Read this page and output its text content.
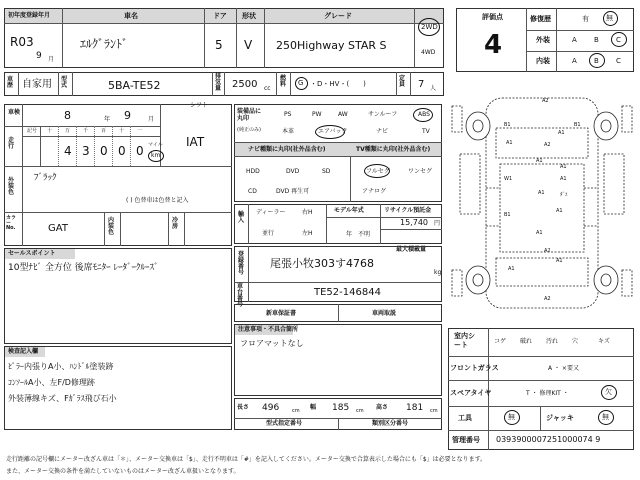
初年度登録年月
R03
9 月
車名
ｴﾙｸﾞﾗﾝﾄﾞ
ドア
5
形状
V
グレード
250Highway STAR S
2WD
4WD
車歴 自家用 型式	5BA-TE52
排気量 2500 cc
燃料 G ・D・HV・(　　)
定員 7 人
車検	8	年 9	月
シフト
IAT
走行
記号 十	万	千	百	十	一
4 3 0 0 0 マイル
km
外装色
ﾌﾞﾗｯｸ
( ) 色替車は色替と記入
カラーNo.	GAT
内装色
冷房
装備品に丸印
(純正のみ)
PS	PW	AW	サンルーフ	ABS
本革	エアバック	ナビ	TV
ナビ種類に丸印(社外品含む)	TV種類に丸印(社外品含む)
HDD	DVD	SD
CD	DVD 再生可
フルセグ	ワンセグ
アナログ
輸入
ディーラー
並行
右H
左H
モデル年式
年　不明
リサイクル預託金
15,740 円
最大積載量
登録番号
尾張小牧303す4768
kg
車台番号
TE52-146844
セールスポイント
10型ﾅﾋﾞ 全方位 後席ﾓﾆﾀｰ ﾚｰﾀﾞｰｸﾙｰｽﾞ
新車保証書	車両取説
注意事項・不具合箇所
フロアマットなし
検査記入欄
ﾋﾟﾗｰ内張りA小、ﾊﾝﾄﾞﾙ塗装跡
ｺﾝｿｰﾙA小、左F/D修理跡
外装薄線キズ、Fｶﾞﾗｽ飛び石小
長さ 496	cm 幅 185 cm 高さ 181 cm
型式指定番号	類別区分番号
評価点
4
修復歴	有 無
外装	A B C
内装	A B C
A2
B1	B1
A1
A1	A2
A1
A1
W1	A1
A1	ﾀﾞｴ
B1
A1
A1
A2
A1
A2
A1
室内シート	コゲ 破れ 汚れ 穴	キズ
フロントガラス	A ・ ×要又
スペアタイヤ	T ・ 修理KIT ・	欠
工具	無	ジャッキ	無
管理番号 0393900007251000074 9
走行距離の記号欄にメーター改ざん車は「＊」、メーター交換車は「$」、走行不明車は「#」を記入してください。メーター交換で合算表示した場合にも「$」は必要となります。
また、メーター交換の条件を満たしていないものはメーター改ざん車扱いとなります。
